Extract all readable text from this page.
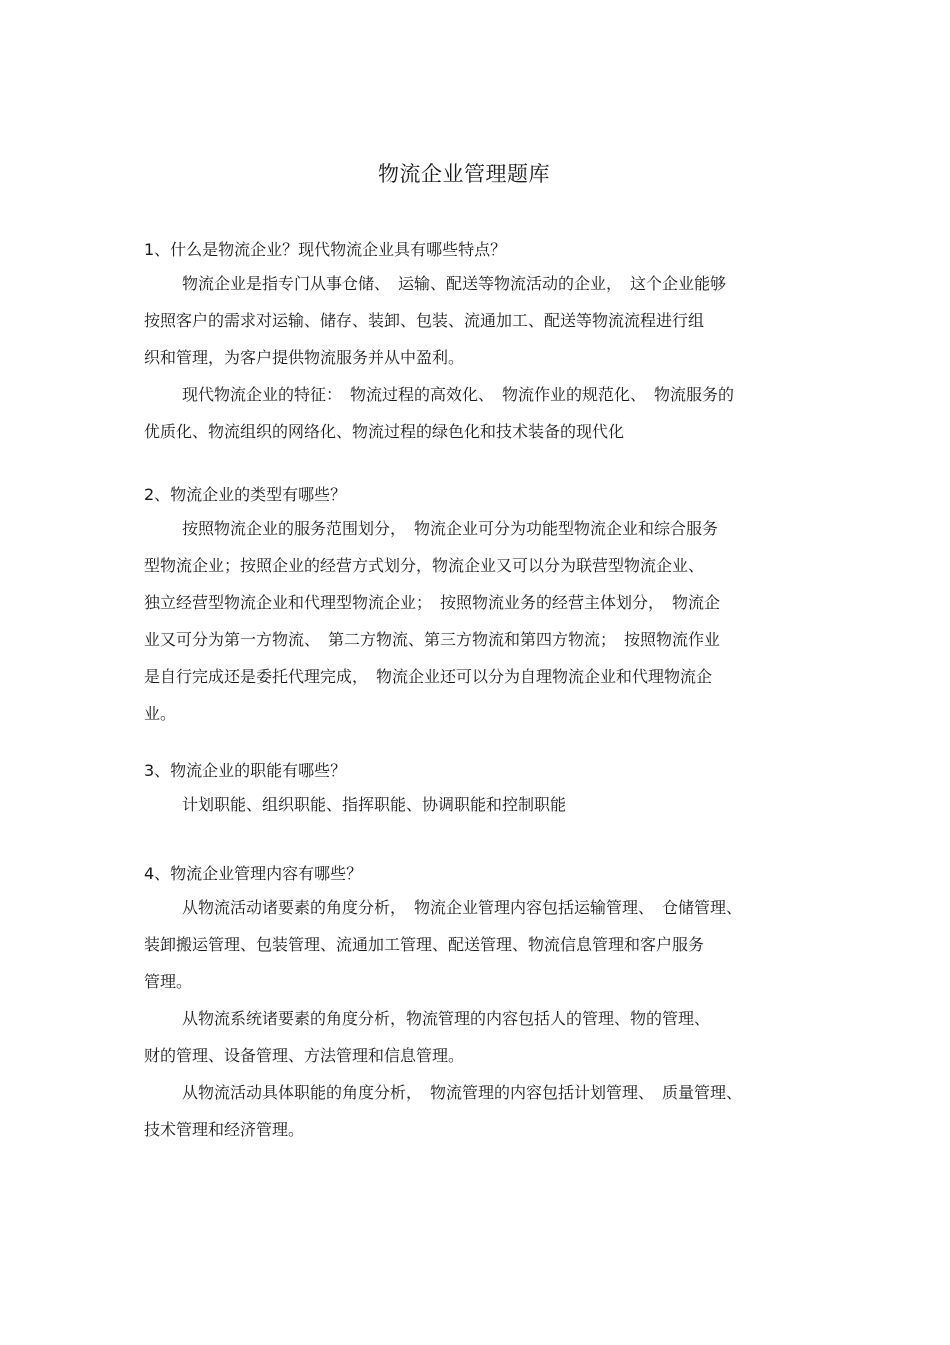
物流企业管理题库
1、什么是物流企业？现代物流企业具有哪些特点？
物流企业是指专门从事仓储、　运输、配送等物流活动的企业，　这个企业能够
按照客户的需求对运输、储存、装卸、包装、流通加工、配送等物流流程进行组
织和管理，为客户提供物流服务并从中盈利。
现代物流企业的特征：　物流过程的高效化、　物流作业的规范化、　物流服务的
优质化、物流组织的网络化、物流过程的绿色化和技术装备的现代化
2、物流企业的类型有哪些？
按照物流企业的服务范围划分，　物流企业可分为功能型物流企业和综合服务
型物流企业；按照企业的经营方式划分，物流企业又可以分为联营型物流企业、
独立经营型物流企业和代理型物流企业；　按照物流业务的经营主体划分，　物流企
业又可分为第一方物流、　第二方物流、第三方物流和第四方物流；　按照物流作业
是自行完成还是委托代理完成，　物流企业还可以分为自理物流企业和代理物流企
业。
3、物流企业的职能有哪些？
计划职能、组织职能、指挥职能、协调职能和控制职能
4、物流企业管理内容有哪些？
从物流活动诸要素的角度分析，　物流企业管理内容包括运输管理、　仓储管理、
装卸搬运管理、包装管理、流通加工管理、配送管理、物流信息管理和客户服务
管理。
从物流系统诸要素的角度分析，物流管理的内容包括人的管理、物的管理、
财的管理、设备管理、方法管理和信息管理。
从物流活动具体职能的角度分析，　物流管理的内容包括计划管理、　质量管理、
技术管理和经济管理。
